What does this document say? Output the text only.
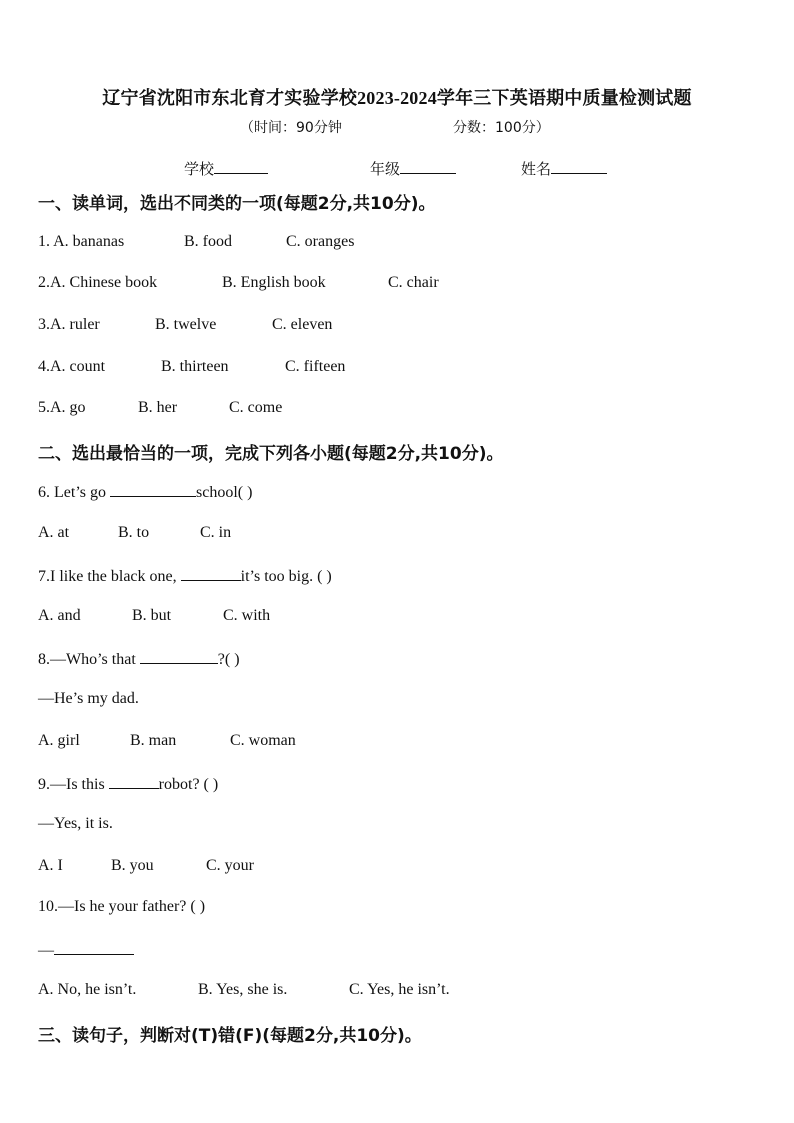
辽宁省沈阳市东北育才实验学校2023-2024学年三下英语期中质量检测试题
（时间：90分钟	分数：100分）
学校	年级	姓名
一、读单词，选出不同类的一项(每题2分,共10分)。
1. A. bananas	B. food	C. oranges
2.A. Chinese book	B. English book	C. chair
3.A. ruler	B. twelve	C. eleven
4.A. count	B. thirteen	C. fifteen
5.A. go	B. her	C. come
二、选出最恰当的一项，完成下列各小题(每题2分,共10分)。
6. Let’s go	school( )
A. at	B. to	C. in
7.I like the black one,	it’s too big. ( )
A. and	B. but	C. with
8.—Who’s that	?( )
—He’s my dad.
A. girl	B. man	C. woman
9.—Is this	robot? ( )
—Yes, it is.
A. I	B. you	C. your
10.—Is he your father? ( )
—
A. No, he isn’t.	B. Yes, she is.	C. Yes, he isn’t.
三、读句子，判断对(T)错(F)(每题2分,共10分)。
